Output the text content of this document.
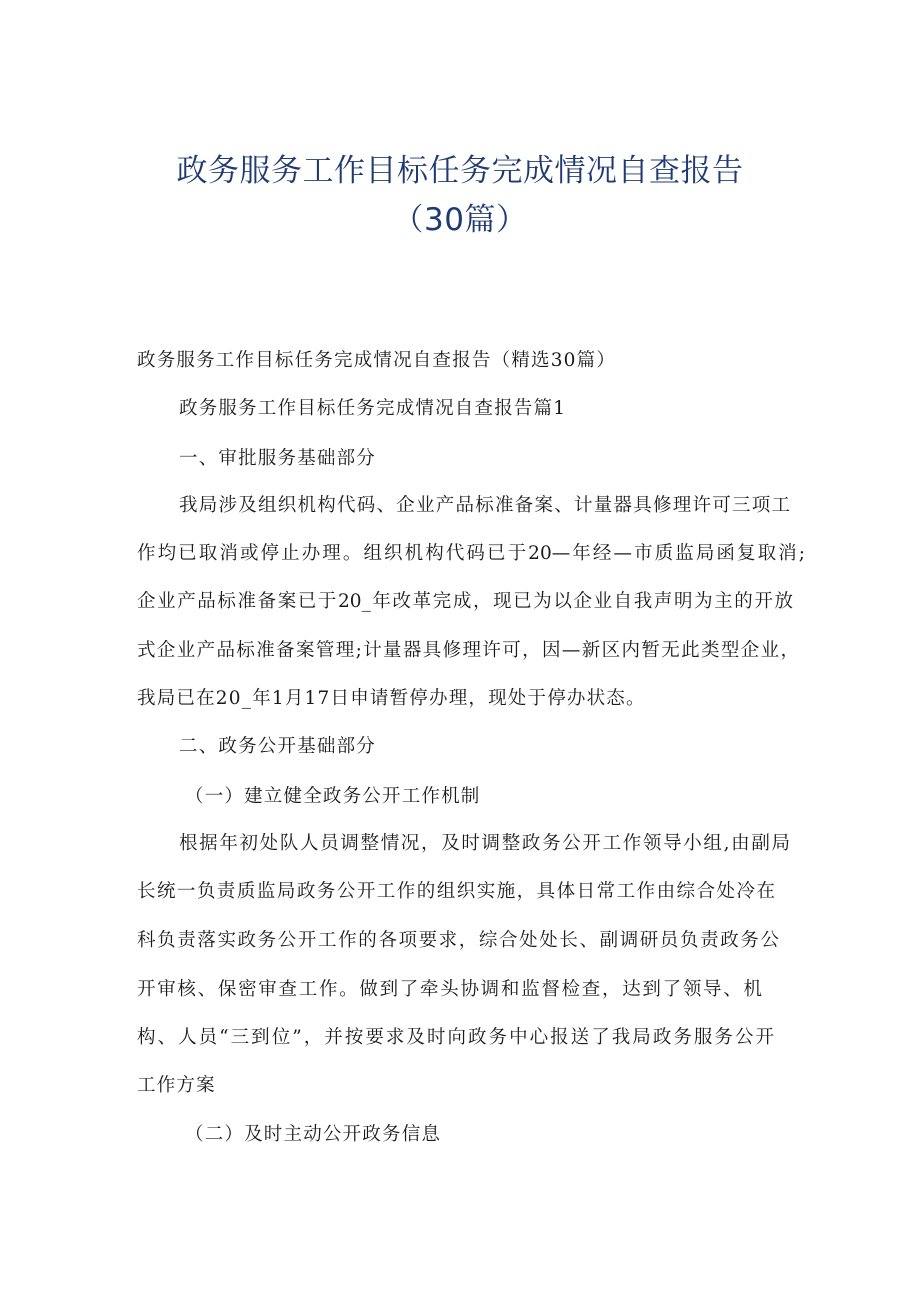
政务服务工作目标任务完成情况自查报告
（30篇）
政务服务工作目标任务完成情况自查报告（精选30篇）
政务服务工作目标任务完成情况自查报告篇1
一、审批服务基础部分
我局涉及组织机构代码、企业产品标准备案、计量器具修理许可三项工
作均已取消或停止办理。组织机构代码已于20—年经—市质监局函复取消;
企业产品标准备案已于20_年改革完成，现已为以企业自我声明为主的开放
式企业产品标准备案管理;计量器具修理许可，因—新区内暂无此类型企业，
我局已在20_年1月17日申请暂停办理，现处于停办状态。
二、政务公开基础部分
（一）建立健全政务公开工作机制
根据年初处队人员调整情况，及时调整政务公开工作领导小组,由副局
长统一负责质监局政务公开工作的组织实施，具体日常工作由综合处冷在
科负责落实政务公开工作的各项要求，综合处处长、副调研员负责政务公
开审核、保密审查工作。做到了牵头协调和监督检查，达到了领导、机
构、人员“三到位”，并按要求及时向政务中心报送了我局政务服务公开
工作方案
（二）及时主动公开政务信息
